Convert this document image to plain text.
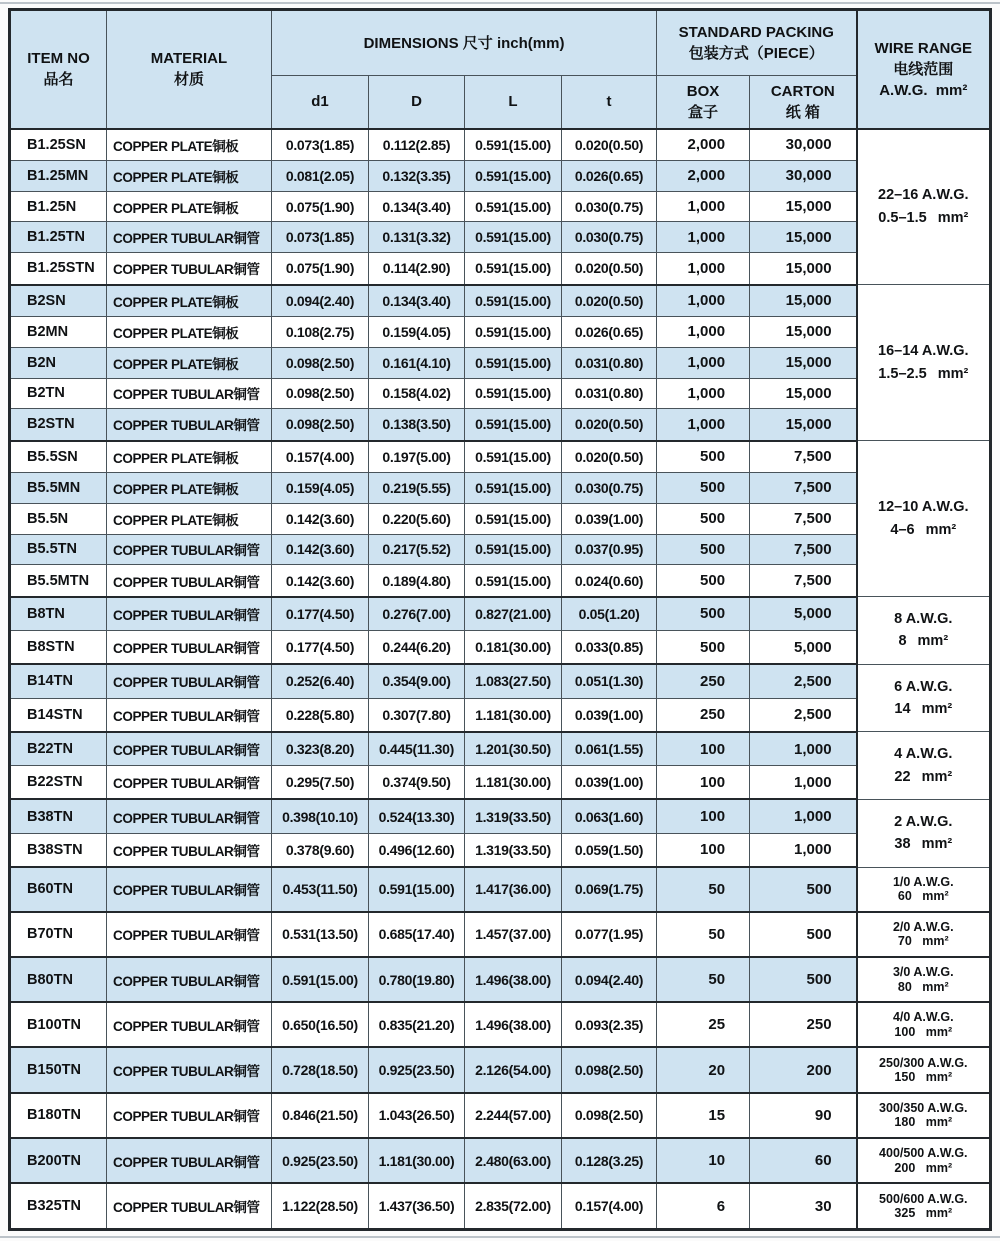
ITEM NO
品名

MATERIAL
材质
	DIMENSIONS 尺寸 inch(mm)	
STANDARD PACKING
包装方式（PIECE）	WIRE RANGE
电线范围
A.W.G. mm²

d1	D	L	t	
BOX
盒子

CARTON
纸 箱

B1.25SN	COPPER PLATE铜板	0.073(1.85)	0.112(2.85)	0.591(15.00)	0.020(0.50)	2,000	30,000	22–16 A.W.G.
0.5–1.5 mm²

B1.25MN	COPPER PLATE铜板	0.081(2.05)	0.132(3.35)	0.591(15.00)	0.026(0.65)	2,000	30,000	
B1.25N	COPPER PLATE铜板	0.075(1.90)	0.134(3.40)	0.591(15.00)	0.030(0.75)	1,000	15,000	
B1.25TN	COPPER TUBULAR铜管	0.073(1.85)	0.131(3.32)	0.591(15.00)	0.030(0.75)	1,000	15,000	
B1.25STN	COPPER TUBULAR铜管	0.075(1.90)	0.114(2.90)	0.591(15.00)	0.020(0.50)	1,000	15,000	
B2SN	COPPER PLATE铜板	0.094(2.40)	0.134(3.40)	0.591(15.00)	0.020(0.50)	1,000	15,000	16–14 A.W.G.
1.5–2.5 mm²

B2MN	COPPER PLATE铜板	0.108(2.75)	0.159(4.05)	0.591(15.00)	0.026(0.65)	1,000	15,000	
B2N	COPPER PLATE铜板	0.098(2.50)	0.161(4.10)	0.591(15.00)	0.031(0.80)	1,000	15,000	
B2TN	COPPER TUBULAR铜管	0.098(2.50)	0.158(4.02)	0.591(15.00)	0.031(0.80)	1,000	15,000	
B2STN	COPPER TUBULAR铜管	0.098(2.50)	0.138(3.50)	0.591(15.00)	0.020(0.50)	1,000	15,000	
B5.5SN	COPPER PLATE铜板	0.157(4.00)	0.197(5.00)	0.591(15.00)	0.020(0.50)	500	7,500	12–10 A.W.G.
4–6 mm²

B5.5MN	COPPER PLATE铜板	0.159(4.05)	0.219(5.55)	0.591(15.00)	0.030(0.75)	500	7,500	
B5.5N	COPPER PLATE铜板	0.142(3.60)	0.220(5.60)	0.591(15.00)	0.039(1.00)	500	7,500	
B5.5TN	COPPER TUBULAR铜管	0.142(3.60)	0.217(5.52)	0.591(15.00)	0.037(0.95)	500	7,500	
B5.5MTN	COPPER TUBULAR铜管	0.142(3.60)	0.189(4.80)	0.591(15.00)	0.024(0.60)	500	7,500	
B8TN	COPPER TUBULAR铜管	0.177(4.50)	0.276(7.00)	0.827(21.00)	0.05(1.20)	500	5,000	8 A.W.G.
8 mm²

B8STN	COPPER TUBULAR铜管	0.177(4.50)	0.244(6.20)	0.181(30.00)	0.033(0.85)	500	5,000	
B14TN	COPPER TUBULAR铜管	0.252(6.40)	0.354(9.00)	1.083(27.50)	0.051(1.30)	250	2,500	6 A.W.G.
14 mm²

B14STN	COPPER TUBULAR铜管	0.228(5.80)	0.307(7.80)	1.181(30.00)	0.039(1.00)	250	2,500	
B22TN	COPPER TUBULAR铜管	0.323(8.20)	0.445(11.30)	1.201(30.50)	0.061(1.55)	100	1,000	4 A.W.G.
22 mm²

B22STN	COPPER TUBULAR铜管	0.295(7.50)	0.374(9.50)	1.181(30.00)	0.039(1.00)	100	1,000	
B38TN	COPPER TUBULAR铜管	0.398(10.10)	0.524(13.30)	1.319(33.50)	0.063(1.60)	100	1,000	2 A.W.G.
38 mm²

B38STN	COPPER TUBULAR铜管	0.378(9.60)	0.496(12.60)	1.319(33.50)	0.059(1.50)	100	1,000	
B60TN	COPPER TUBULAR铜管	0.453(11.50)	0.591(15.00)	1.417(36.00)	0.069(1.75)	50	500	1/0 A.W.G.
60 mm²

B70TN	COPPER TUBULAR铜管	0.531(13.50)	0.685(17.40)	1.457(37.00)	0.077(1.95)	50	500	2/0 A.W.G.
70 mm²

B80TN	COPPER TUBULAR铜管	0.591(15.00)	0.780(19.80)	1.496(38.00)	0.094(2.40)	50	500	3/0 A.W.G.
80 mm²

B100TN	COPPER TUBULAR铜管	0.650(16.50)	0.835(21.20)	1.496(38.00)	0.093(2.35)	25	250	4/0 A.W.G.
100 mm²

B150TN	COPPER TUBULAR铜管	0.728(18.50)	0.925(23.50)	2.126(54.00)	0.098(2.50)	20	200	250/300 A.W.G.
150 mm²

B180TN	COPPER TUBULAR铜管	0.846(21.50)	1.043(26.50)	2.244(57.00)	0.098(2.50)	15	90	300/350 A.W.G.
180 mm²

B200TN	COPPER TUBULAR铜管	0.925(23.50)	1.181(30.00)	2.480(63.00)	0.128(3.25)	10	60	400/500 A.W.G.
200 mm²

B325TN	COPPER TUBULAR铜管	1.122(28.50)	1.437(36.50)	2.835(72.00)	0.157(4.00)	6	30	500/600 A.W.G.
325 mm²
